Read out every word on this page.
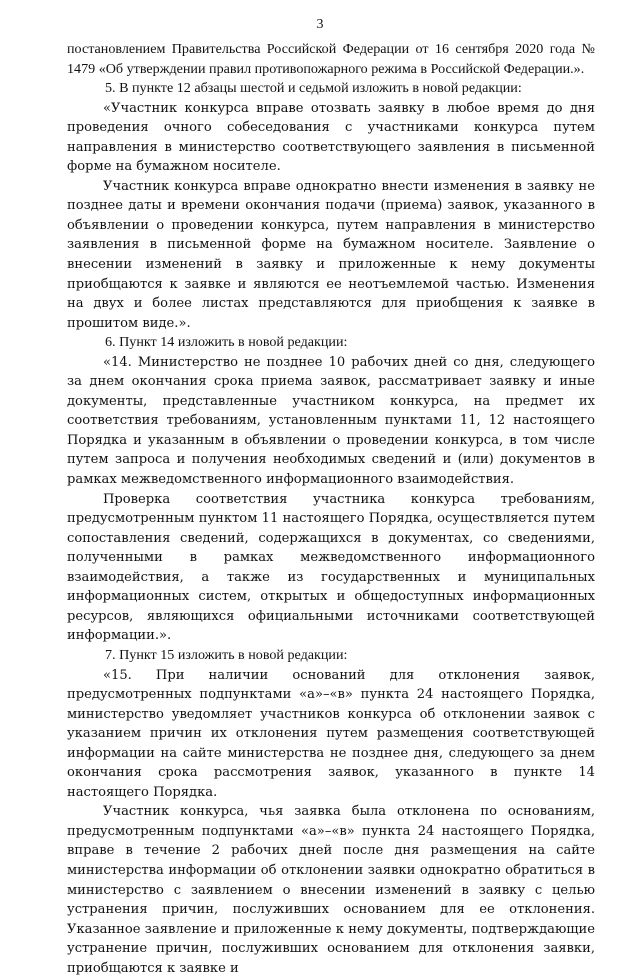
3

постановлением Правительства Российской Федерации от 16 сентября 2020 года № 1479 «Об утверждении правил противопожарного режима в Российской Федерации.».

5. В пункте 12 абзацы шестой и седьмой изложить в новой редакции:

«Участник конкурса вправе отозвать заявку в любое время до дня проведения очного собеседования с участниками конкурса путем направления в министерство соответствующего заявления в письменной форме на бумажном носителе.

Участник конкурса вправе однократно внести изменения в заявку не позднее даты и времени окончания подачи (приема) заявок, указанного в объявлении о проведении конкурса, путем направления в министерство заявления в письменной форме на бумажном носителе. Заявление о внесении изменений в заявку и приложенные к нему документы приобщаются к заявке и являются ее неотъемлемой частью. Изменения на двух и более листах представляются для приобщения к заявке в прошитом виде.».

6. Пункт 14 изложить в новой редакции:

«14. Министерство не позднее 10 рабочих дней со дня, следующего за днем окончания срока приема заявок, рассматривает заявку и иные документы, представленные участником конкурса, на предмет их соответствия требованиям, установленным пунктами 11, 12 настоящего Порядка и указанным в объявлении о проведении конкурса, в том числе путем запроса и получения необходимых сведений и (или) документов в рамках межведомственного информационного взаимодействия.

Проверка соответствия участника конкурса требованиям, предусмотренным пунктом 11 настоящего Порядка, осуществляется путем сопоставления сведений, содержащихся в документах, со сведениями, полученными в рамках межведомственного информационного взаимодействия, а также из государственных и муниципальных информационных систем, открытых и общедоступных информационных ресурсов, являющихся официальными источниками соответствующей информации.».

7. Пункт 15 изложить в новой редакции:

«15. При наличии оснований для отклонения заявок, предусмотренных подпунктами «а»–«в» пункта 24 настоящего Порядка, министерство уведомляет участников конкурса об отклонении заявок с указанием причин их отклонения путем размещения соответствующей информации на сайте министерства не позднее дня, следующего за днем окончания срока рассмотрения заявок, указанного в пункте 14 настоящего Порядка.

Участник конкурса, чья заявка была отклонена по основаниям, предусмотренным подпунктами «а»–«в» пункта 24 настоящего Порядка, вправе в течение 2 рабочих дней после дня размещения на сайте министерства информации об отклонении заявки однократно обратиться в министерство с заявлением о внесении изменений в заявку с целью устранения причин, послуживших основанием для ее отклонения. Указанное заявление и приложенные к нему документы, подтверждающие устранение причин, послуживших основанием для отклонения заявки, приобщаются к заявке и
